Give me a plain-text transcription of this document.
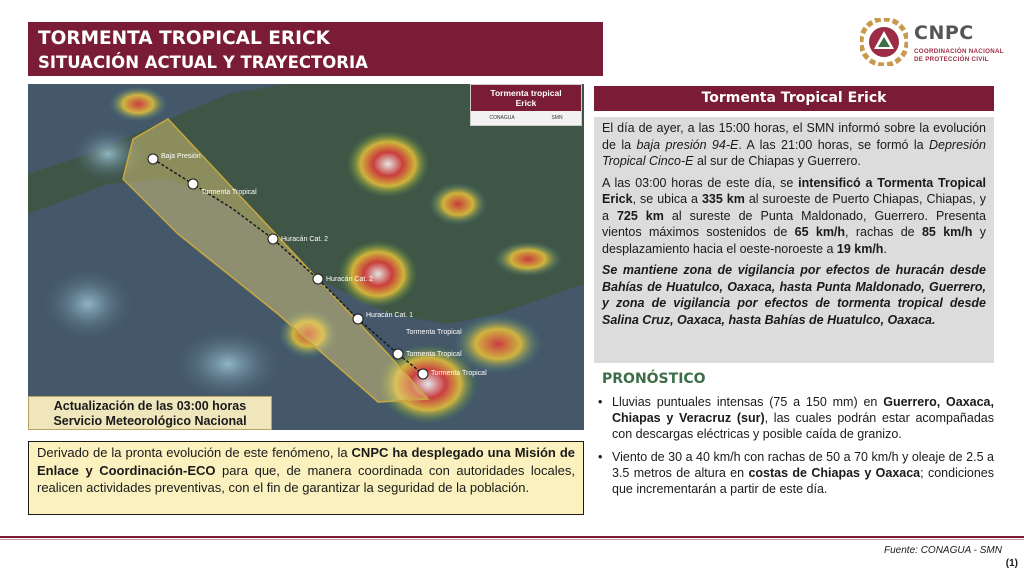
TORMENTA TROPICAL ERICK
SITUACIÓN ACTUAL Y TRAYECTORIA
CNPC
COORDINACIÓN NACIONAL
DE PROTECCIÓN CIVIL
Baja Presión
Tormenta Tropical
Huracán Cat. 2
Huracán Cat. 2
Huracán Cat. 1
Tormenta Tropical
Tormenta Tropical
Tormenta Tropical
Tormenta tropical
Erick
CONAGUA	SMN
Actualización de las 03:00 horas
Servicio Meteorológico Nacional
Derivado de la pronta evolución de este fenómeno, la CNPC ha desplegado una Misión de Enlace y Coordinación-ECO para que, de manera coordinada con autoridades locales, realicen actividades preventivas, con el fin de garantizar la seguridad de la población.
Tormenta Tropical Erick

El día de ayer, a las 15:00 horas, el SMN informó sobre la evolución de la baja presión 94-E. A las 21:00 horas, se formó la Depresión Tropical Cinco-E al sur de Chiapas y Guerrero.

A las 03:00 horas de este día, se intensificó a Tormenta Tropical Erick, se ubica a 335 km al suroeste de Puerto Chiapas, Chiapas, y a 725 km al sureste de Punta Maldonado, Guerrero. Presenta vientos máximos sostenidos de 65 km/h, rachas de 85 km/h y desplazamiento hacia el oeste-noroeste a 19 km/h.

Se mantiene zona de vigilancia por efectos de huracán desde Bahías de Huatulco, Oaxaca, hasta Punta Maldonado, Guerrero, y zona de vigilancia por efectos de tormenta tropical desde Salina Cruz, Oaxaca, hasta Bahías de Huatulco, Oaxaca.

PRONÓSTICO
• Lluvias puntuales intensas (75 a 150 mm) en Guerrero, Oaxaca, Chiapas y Veracruz (sur), las cuales podrán estar acompañadas con descargas eléctricas y posible caída de granizo.
• Viento de 30 a 40 km/h con rachas de 50 a 70 km/h y oleaje de 2.5 a 3.5 metros de altura en costas de Chiapas y Oaxaca; condiciones que incrementarán a partir de este día.
Fuente: CONAGUA - SMN
(1)
